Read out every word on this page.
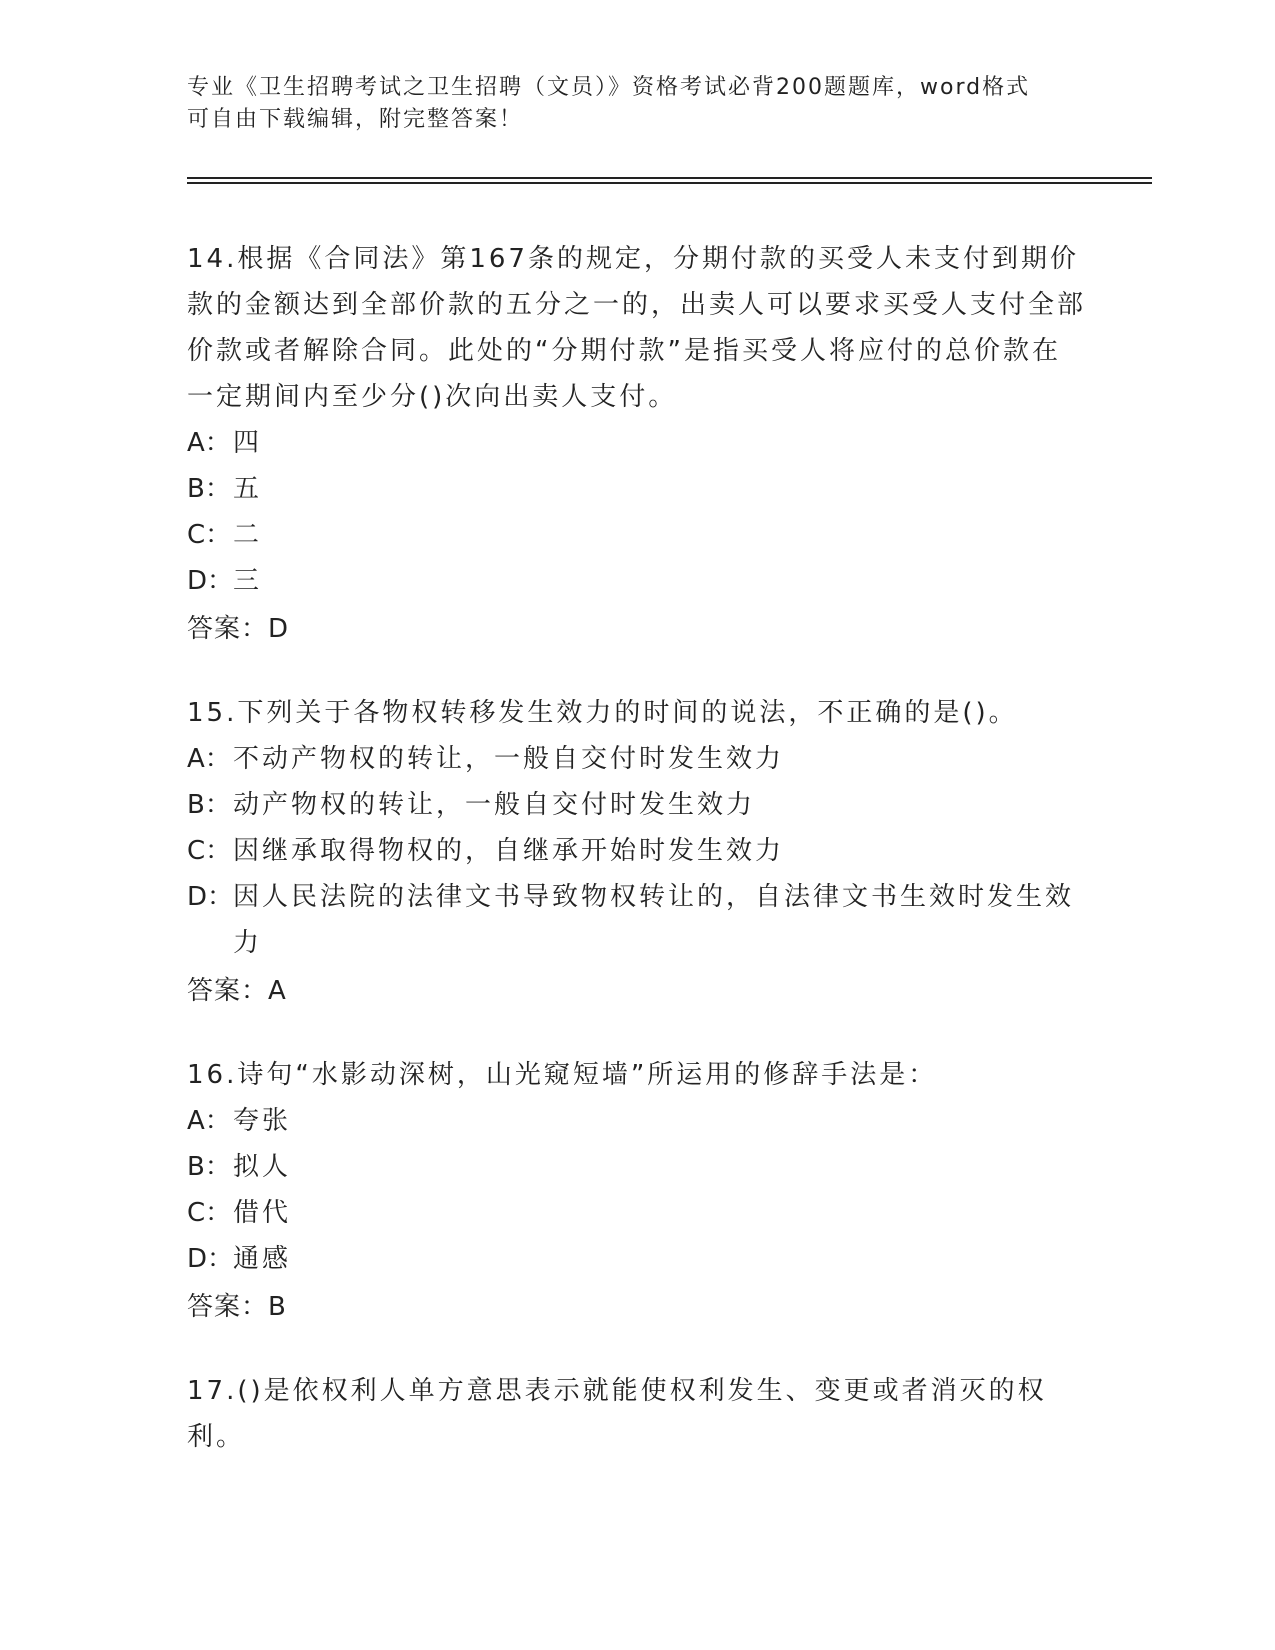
专业《卫生招聘考试之卫生招聘（文员）》资格考试必背200题题库，word格式
可自由下载编辑，附完整答案！
14.根据《合同法》第167条的规定，分期付款的买受人未支付到期价款的金额达到全部价款的五分之一的，出卖人可以要求买受人支付全部价款或者解除合同。此处的“分期付款”是指买受人将应付的总价款在一定期间内至少分()次向出卖人支付。
A： 四
B： 五
C： 二
D： 三
答案：D
15.下列关于各物权转移发生效力的时间的说法，不正确的是()。
A： 不动产物权的转让，一般自交付时发生效力
B： 动产物权的转让，一般自交付时发生效力
C： 因继承取得物权的，自继承开始时发生效力
D： 因人民法院的法律文书导致物权转让的，自法律文书生效时发生效力
答案：A
16.诗句“水影动深树，山光窥短墙”所运用的修辞手法是：
A： 夸张
B： 拟人
C： 借代
D： 通感
答案：B
17.()是依权利人单方意思表示就能使权利发生、变更或者消灭的权利。
